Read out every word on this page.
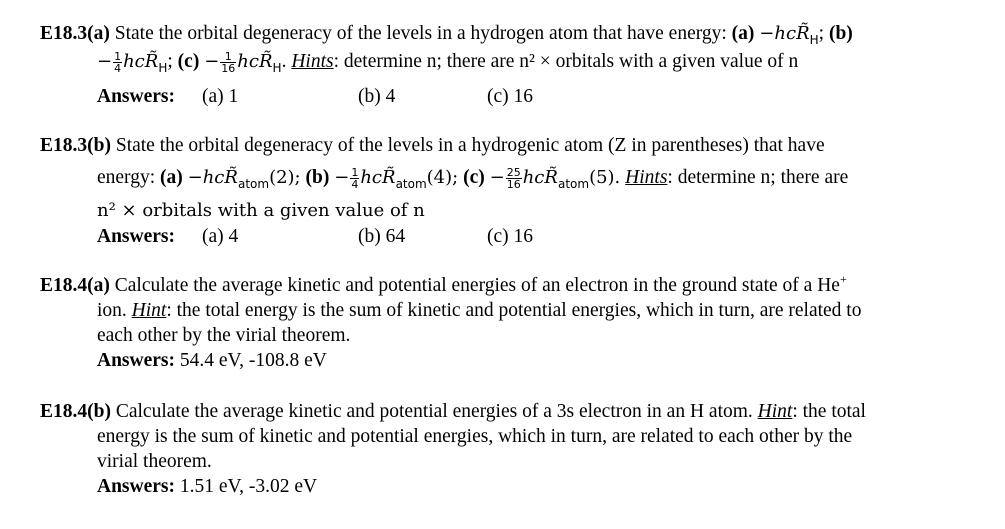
E18.3(a) State the orbital degeneracy of the levels in a hydrogen atom that have energy: $(a) -hcR̃_H$; (b)
− $\frac{1}{4}$ $hcR̃_H$; $(c) - \frac{1}{16}$ $hcR̃_H$. Hints: determine n; there are n² × orbitals with a given value of n
Answers: (a) 1	(b) 4	(c) 16
E18.3(b) State the orbital degeneracy of the levels in a hydrogenic atom (Z in parentheses) that have
energy: $(a) -hcR̃_{atom}(2)$; $(b) - \frac{1}{4}$ $hcR̃_{atom}(4)$; $(c) - \frac{25}{16}$ $hcR̃_{atom}(5)$. Hints: determine n; there are
n² × orbitals with a given value of n
Answers: (a) 4	(b) 64	(c) 16
E18.4(a) Calculate the average kinetic and potential energies of an electron in the ground state of a He+
ion. Hint: the total energy is the sum of kinetic and potential energies, which in turn, are related to
each other by the virial theorem.
Answers: 54.4 eV, -108.8 eV
E18.4(b) Calculate the average kinetic and potential energies of a 3s electron in an H atom. Hint: the total
energy is the sum of kinetic and potential energies, which in turn, are related to each other by the
virial theorem.
Answers: 1.51 eV, -3.02 eV
